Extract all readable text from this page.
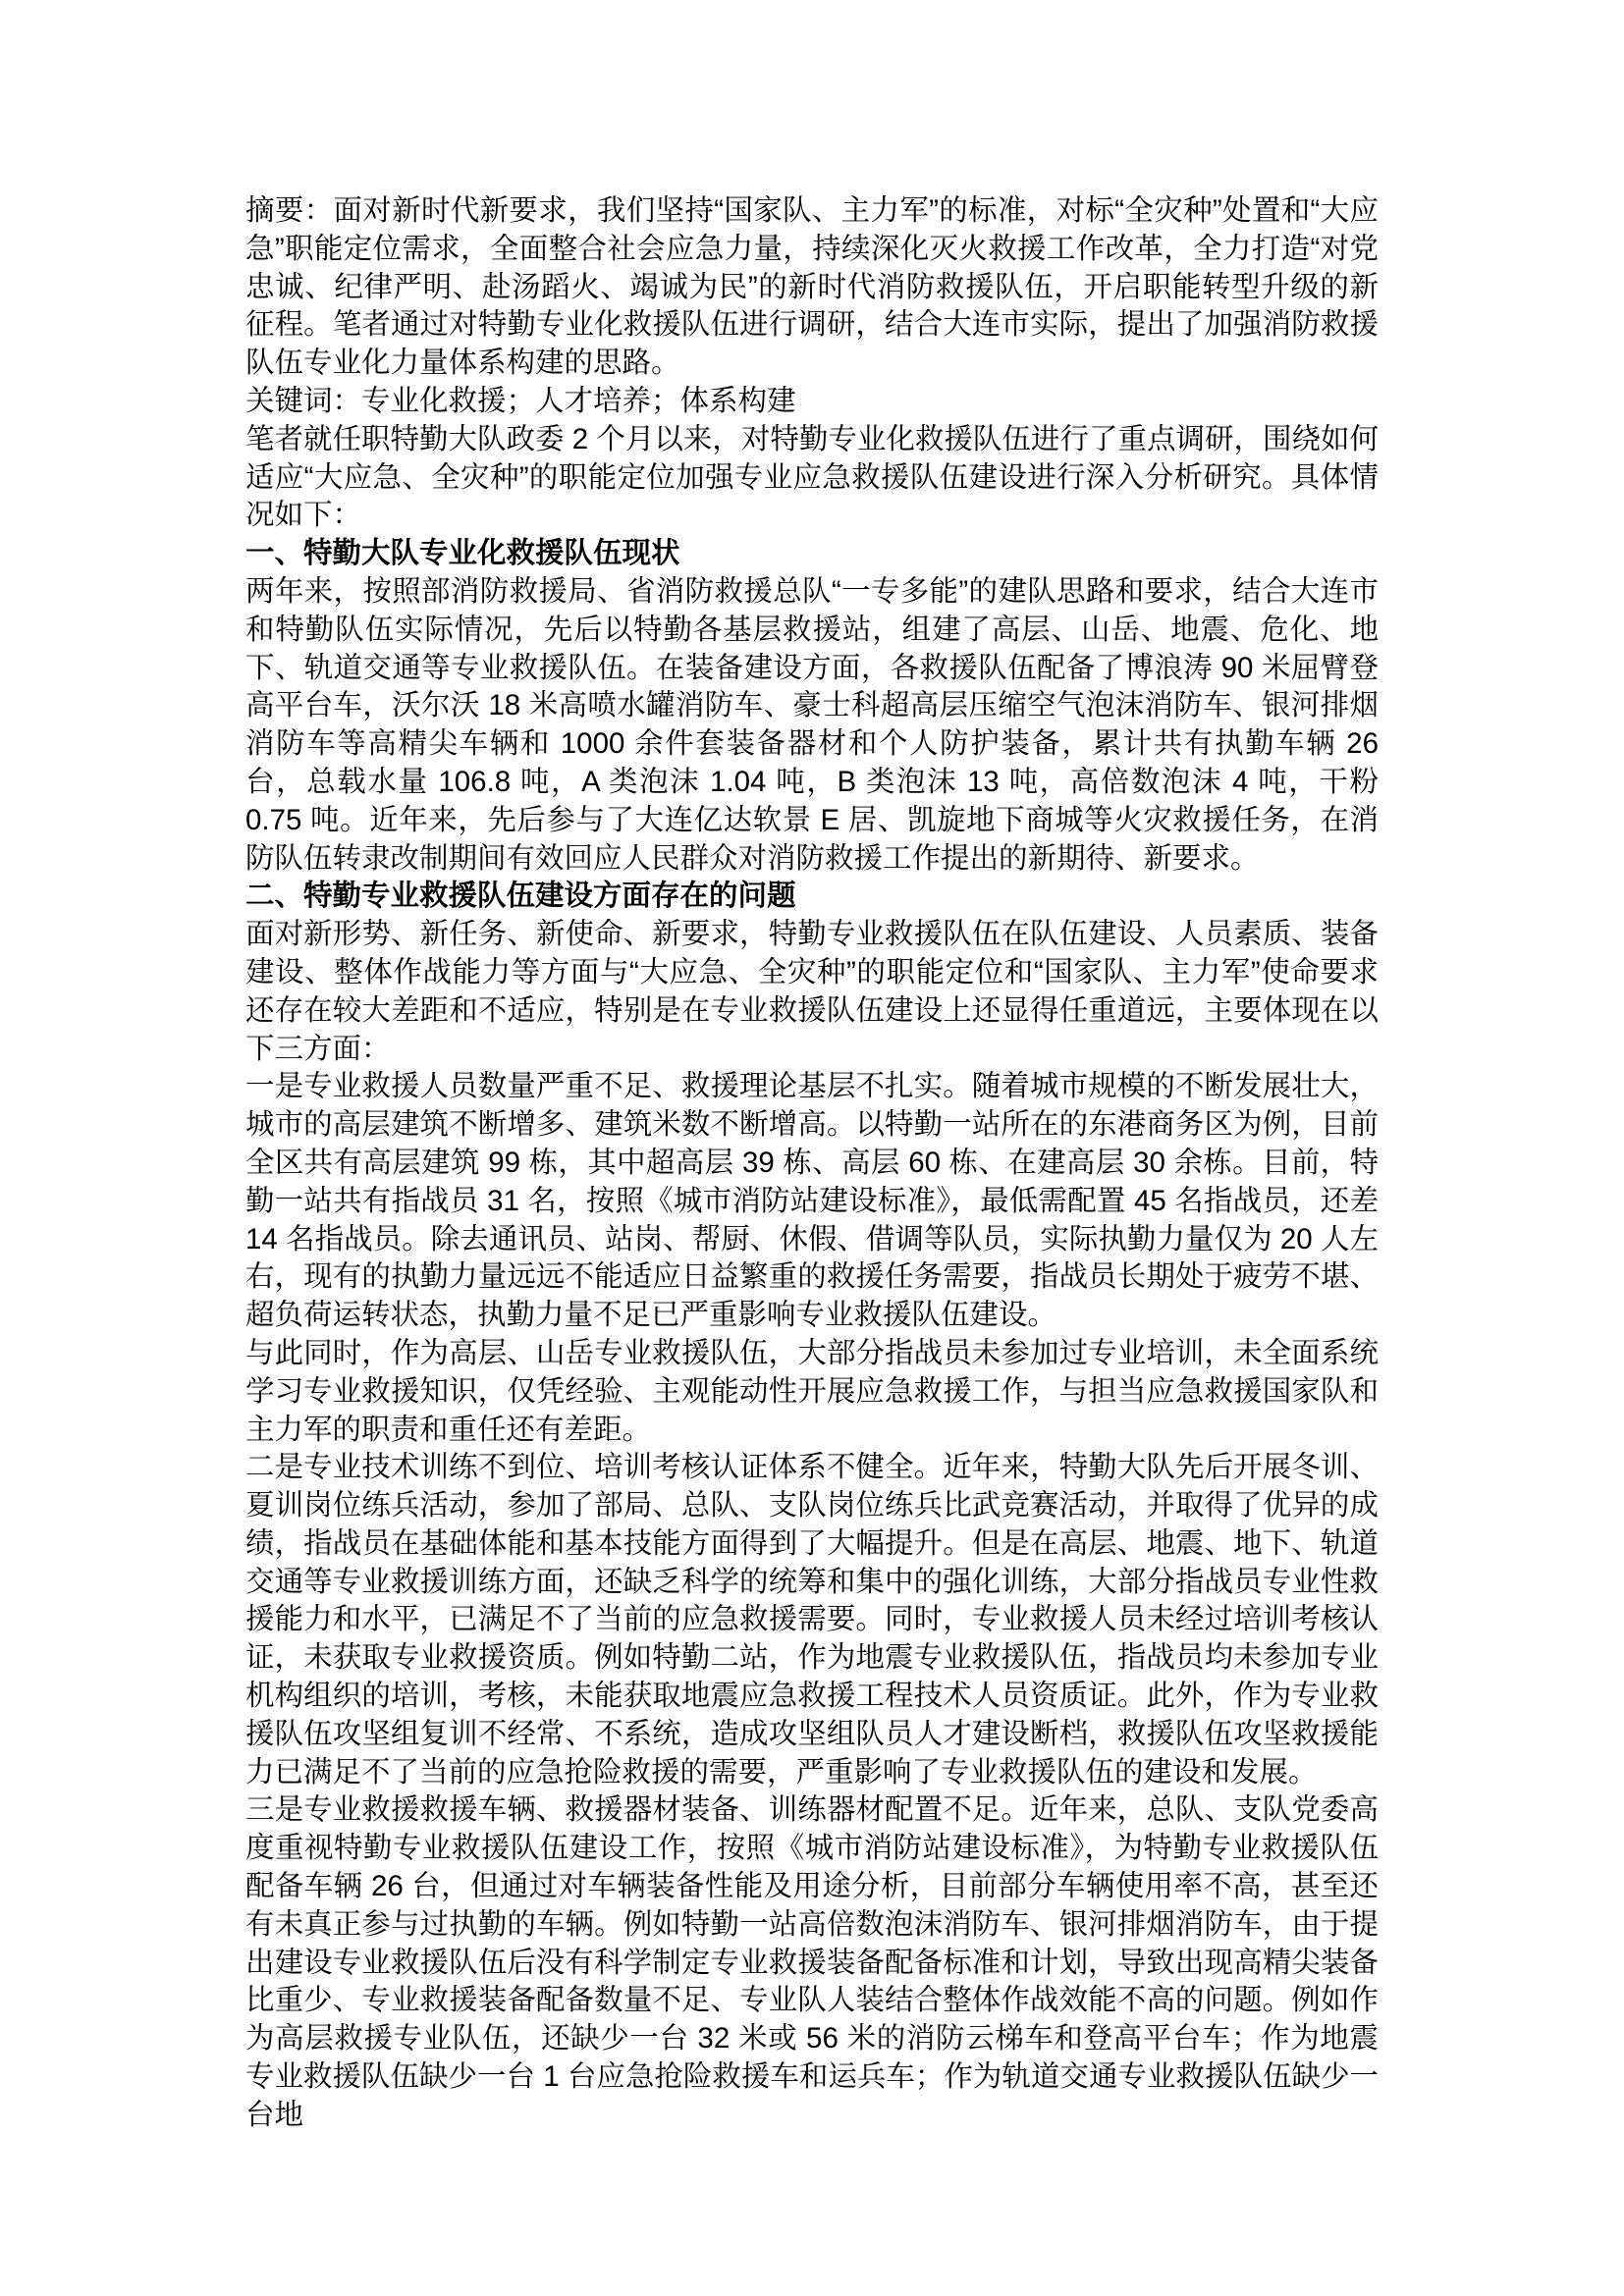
摘要：面对新时代新要求，我们坚持“国家队、主力军”的标准，对标“全灾种”处置和“大应急”职能定位需求，全面整合社会应急力量，持续深化灭火救援工作改革，全力打造“对党忠诚、纪律严明、赴汤蹈火、竭诚为民”的新时代消防救援队伍，开启职能转型升级的新征程。笔者通过对特勤专业化救援队伍进行调研，结合大连市实际，提出了加强消防救援队伍专业化力量体系构建的思路。

关键词：专业化救援；人才培养；体系构建

笔者就任职特勤大队政委 2 个月以来，对特勤专业化救援队伍进行了重点调研，围绕如何适应“大应急、全灾种”的职能定位加强专业应急救援队伍建设进行深入分析研究。具体情况如下：

一、特勤大队专业化救援队伍现状

两年来，按照部消防救援局、省消防救援总队“一专多能”的建队思路和要求，结合大连市和特勤队伍实际情况，先后以特勤各基层救援站，组建了高层、山岳、地震、危化、地下、轨道交通等专业救援队伍。在装备建设方面，各救援队伍配备了博浪涛 90 米屈臂登高平台车，沃尔沃 18 米高喷水罐消防车、豪士科超高层压缩空气泡沫消防车、银河排烟消防车等高精尖车辆和 1000 余件套装备器材和个人防护装备，累计共有执勤车辆 26 台，总载水量 106.8 吨，A 类泡沫 1.04 吨，B 类泡沫 13 吨，高倍数泡沫 4 吨，干粉 0.75 吨。近年来，先后参与了大连亿达软景 E 居、凯旋地下商城等火灾救援任务，在消防队伍转隶改制期间有效回应人民群众对消防救援工作提出的新期待、新要求。

二、特勤专业救援队伍建设方面存在的问题

面对新形势、新任务、新使命、新要求，特勤专业救援队伍在队伍建设、人员素质、装备建设、整体作战能力等方面与“大应急、全灾种”的职能定位和“国家队、主力军”使命要求还存在较大差距和不适应，特别是在专业救援队伍建设上还显得任重道远，主要体现在以下三方面：

一是专业救援人员数量严重不足、救援理论基层不扎实。随着城市规模的不断发展壮大，城市的高层建筑不断增多、建筑米数不断增高。以特勤一站所在的东港商务区为例，目前全区共有高层建筑 99 栋，其中超高层 39 栋、高层 60 栋、在建高层 30 余栋。目前，特勤一站共有指战员 31 名，按照《城市消防站建设标准》，最低需配置 45 名指战员，还差 14 名指战员。除去通讯员、站岗、帮厨、休假、借调等队员，实际执勤力量仅为 20 人左右，现有的执勤力量远远不能适应日益繁重的救援任务需要，指战员长期处于疲劳不堪、超负荷运转状态，执勤力量不足已严重影响专业救援队伍建设。

与此同时，作为高层、山岳专业救援队伍，大部分指战员未参加过专业培训，未全面系统学习专业救援知识，仅凭经验、主观能动性开展应急救援工作，与担当应急救援国家队和主力军的职责和重任还有差距。

二是专业技术训练不到位、培训考核认证体系不健全。近年来，特勤大队先后开展冬训、夏训岗位练兵活动，参加了部局、总队、支队岗位练兵比武竞赛活动，并取得了优异的成绩，指战员在基础体能和基本技能方面得到了大幅提升。但是在高层、地震、地下、轨道交通等专业救援训练方面，还缺乏科学的统筹和集中的强化训练，大部分指战员专业性救援能力和水平，已满足不了当前的应急救援需要。同时，专业救援人员未经过培训考核认证，未获取专业救援资质。例如特勤二站，作为地震专业救援队伍，指战员均未参加专业机构组织的培训，考核，未能获取地震应急救援工程技术人员资质证。此外，作为专业救援队伍攻坚组复训不经常、不系统，造成攻坚组队员人才建设断档，救援队伍攻坚救援能力已满足不了当前的应急抢险救援的需要，严重影响了专业救援队伍的建设和发展。

三是专业救援救援车辆、救援器材装备、训练器材配置不足。近年来，总队、支队党委高度重视特勤专业救援队伍建设工作，按照《城市消防站建设标准》，为特勤专业救援队伍配备车辆 26 台，但通过对车辆装备性能及用途分析，目前部分车辆使用率不高，甚至还有未真正参与过执勤的车辆。例如特勤一站高倍数泡沫消防车、银河排烟消防车，由于提出建设专业救援队伍后没有科学制定专业救援装备配备标准和计划，导致出现高精尖装备比重少、专业救援装备配备数量不足、专业队人装结合整体作战效能不高的问题。例如作为高层救援专业队伍，还缺少一台 32 米或 56 米的消防云梯车和登高平台车；作为地震专业救援队伍缺少一台 1 台应急抢险救援车和运兵车；作为轨道交通专业救援队伍缺少一台地
